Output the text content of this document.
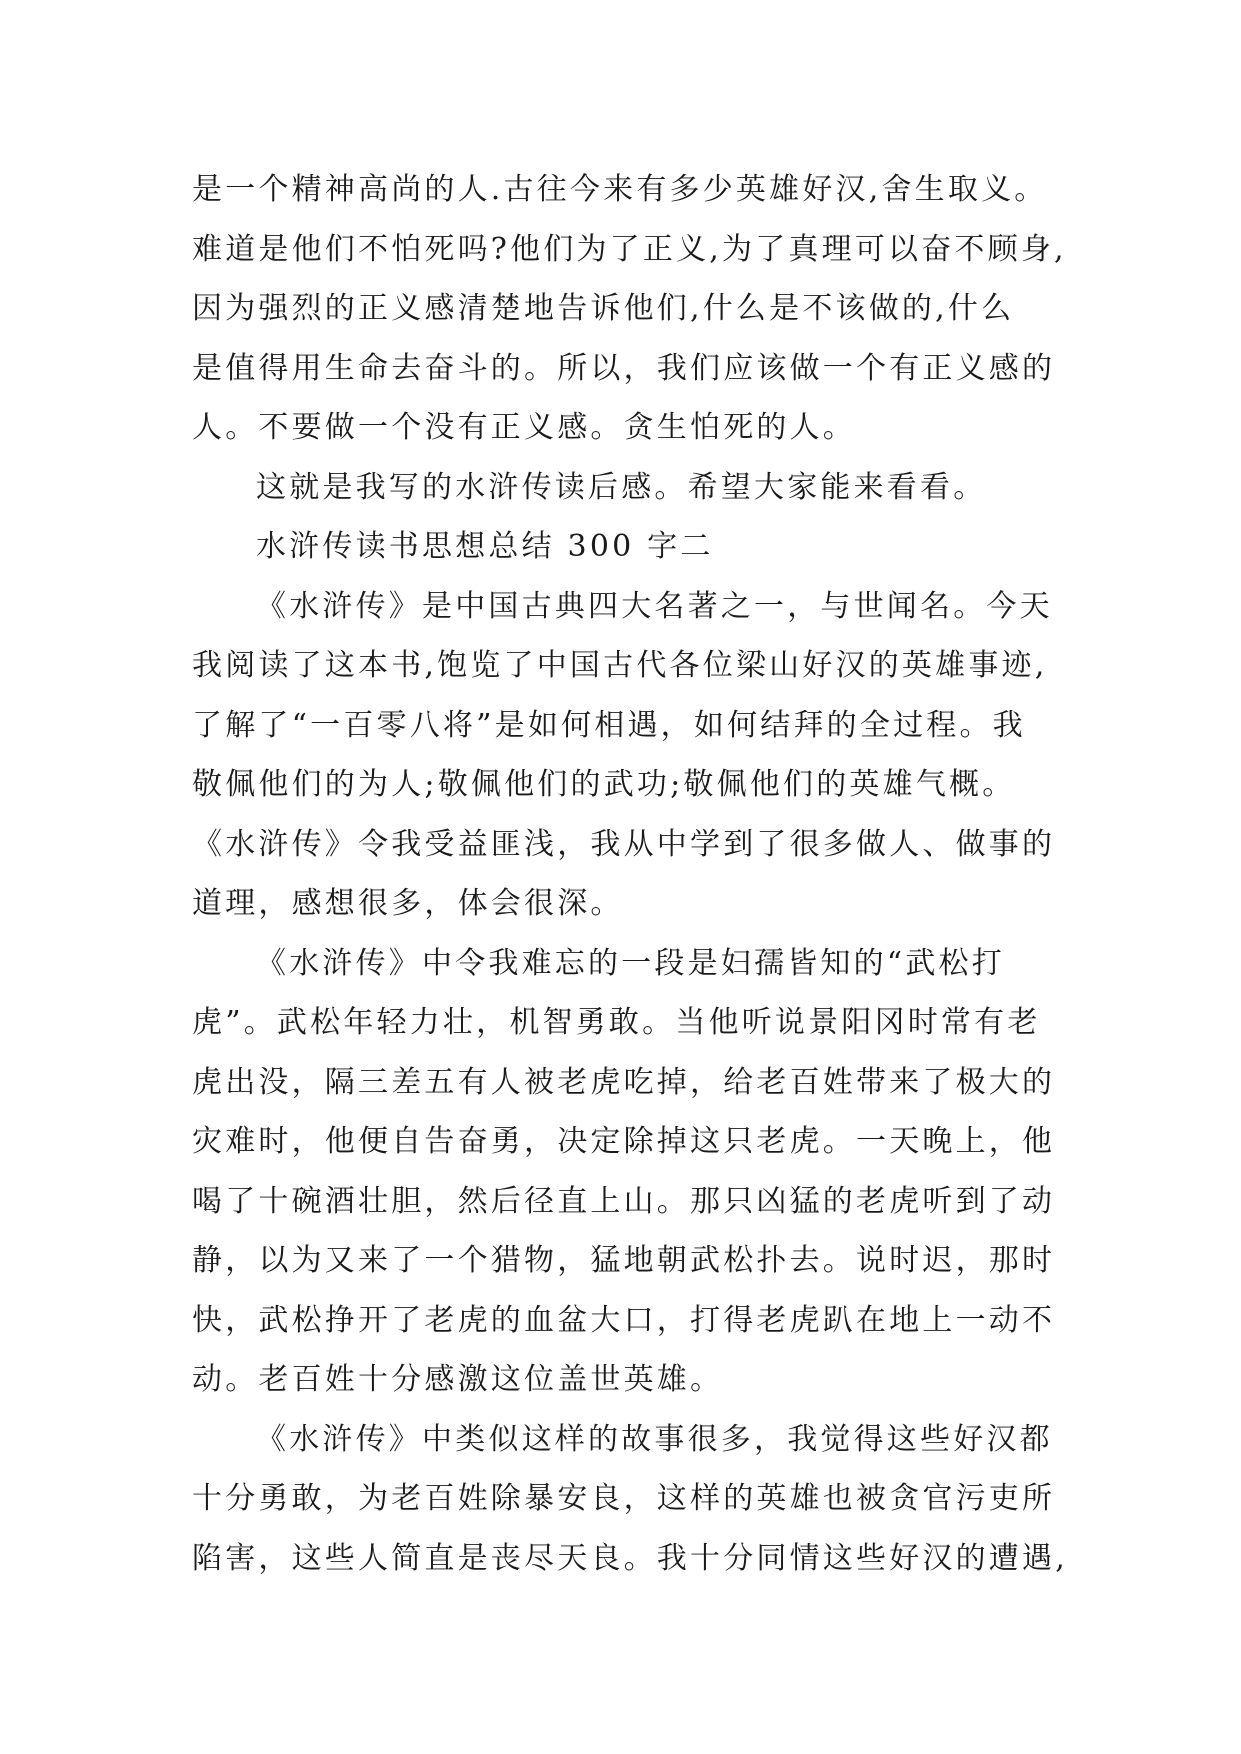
是一个精神高尚的人.古往今来有多少英雄好汉,舍生取义。
难道是他们不怕死吗?他们为了正义,为了真理可以奋不顾身,
因为强烈的正义感清楚地告诉他们,什么是不该做的,什么
是值得用生命去奋斗的。所以，我们应该做一个有正义感的
人。不要做一个没有正义感。贪生怕死的人。
这就是我写的水浒传读后感。希望大家能来看看。
水浒传读书思想总结 300 字二
《水浒传》是中国古典四大名著之一，与世闻名。今天
我阅读了这本书,饱览了中国古代各位梁山好汉的英雄事迹,
了解了“一百零八将”是如何相遇，如何结拜的全过程。我
敬佩他们的为人;敬佩他们的武功;敬佩他们的英雄气概。
《水浒传》令我受益匪浅，我从中学到了很多做人、做事的
道理，感想很多，体会很深。
《水浒传》中令我难忘的一段是妇孺皆知的“武松打
虎”。武松年轻力壮，机智勇敢。当他听说景阳冈时常有老
虎出没，隔三差五有人被老虎吃掉，给老百姓带来了极大的
灾难时，他便自告奋勇，决定除掉这只老虎。一天晚上，他
喝了十碗酒壮胆，然后径直上山。那只凶猛的老虎听到了动
静，以为又来了一个猎物，猛地朝武松扑去。说时迟，那时
快，武松挣开了老虎的血盆大口，打得老虎趴在地上一动不
动。老百姓十分感激这位盖世英雄。
《水浒传》中类似这样的故事很多，我觉得这些好汉都
十分勇敢，为老百姓除暴安良，这样的英雄也被贪官污吏所
陷害，这些人简直是丧尽天良。我十分同情这些好汉的遭遇,
